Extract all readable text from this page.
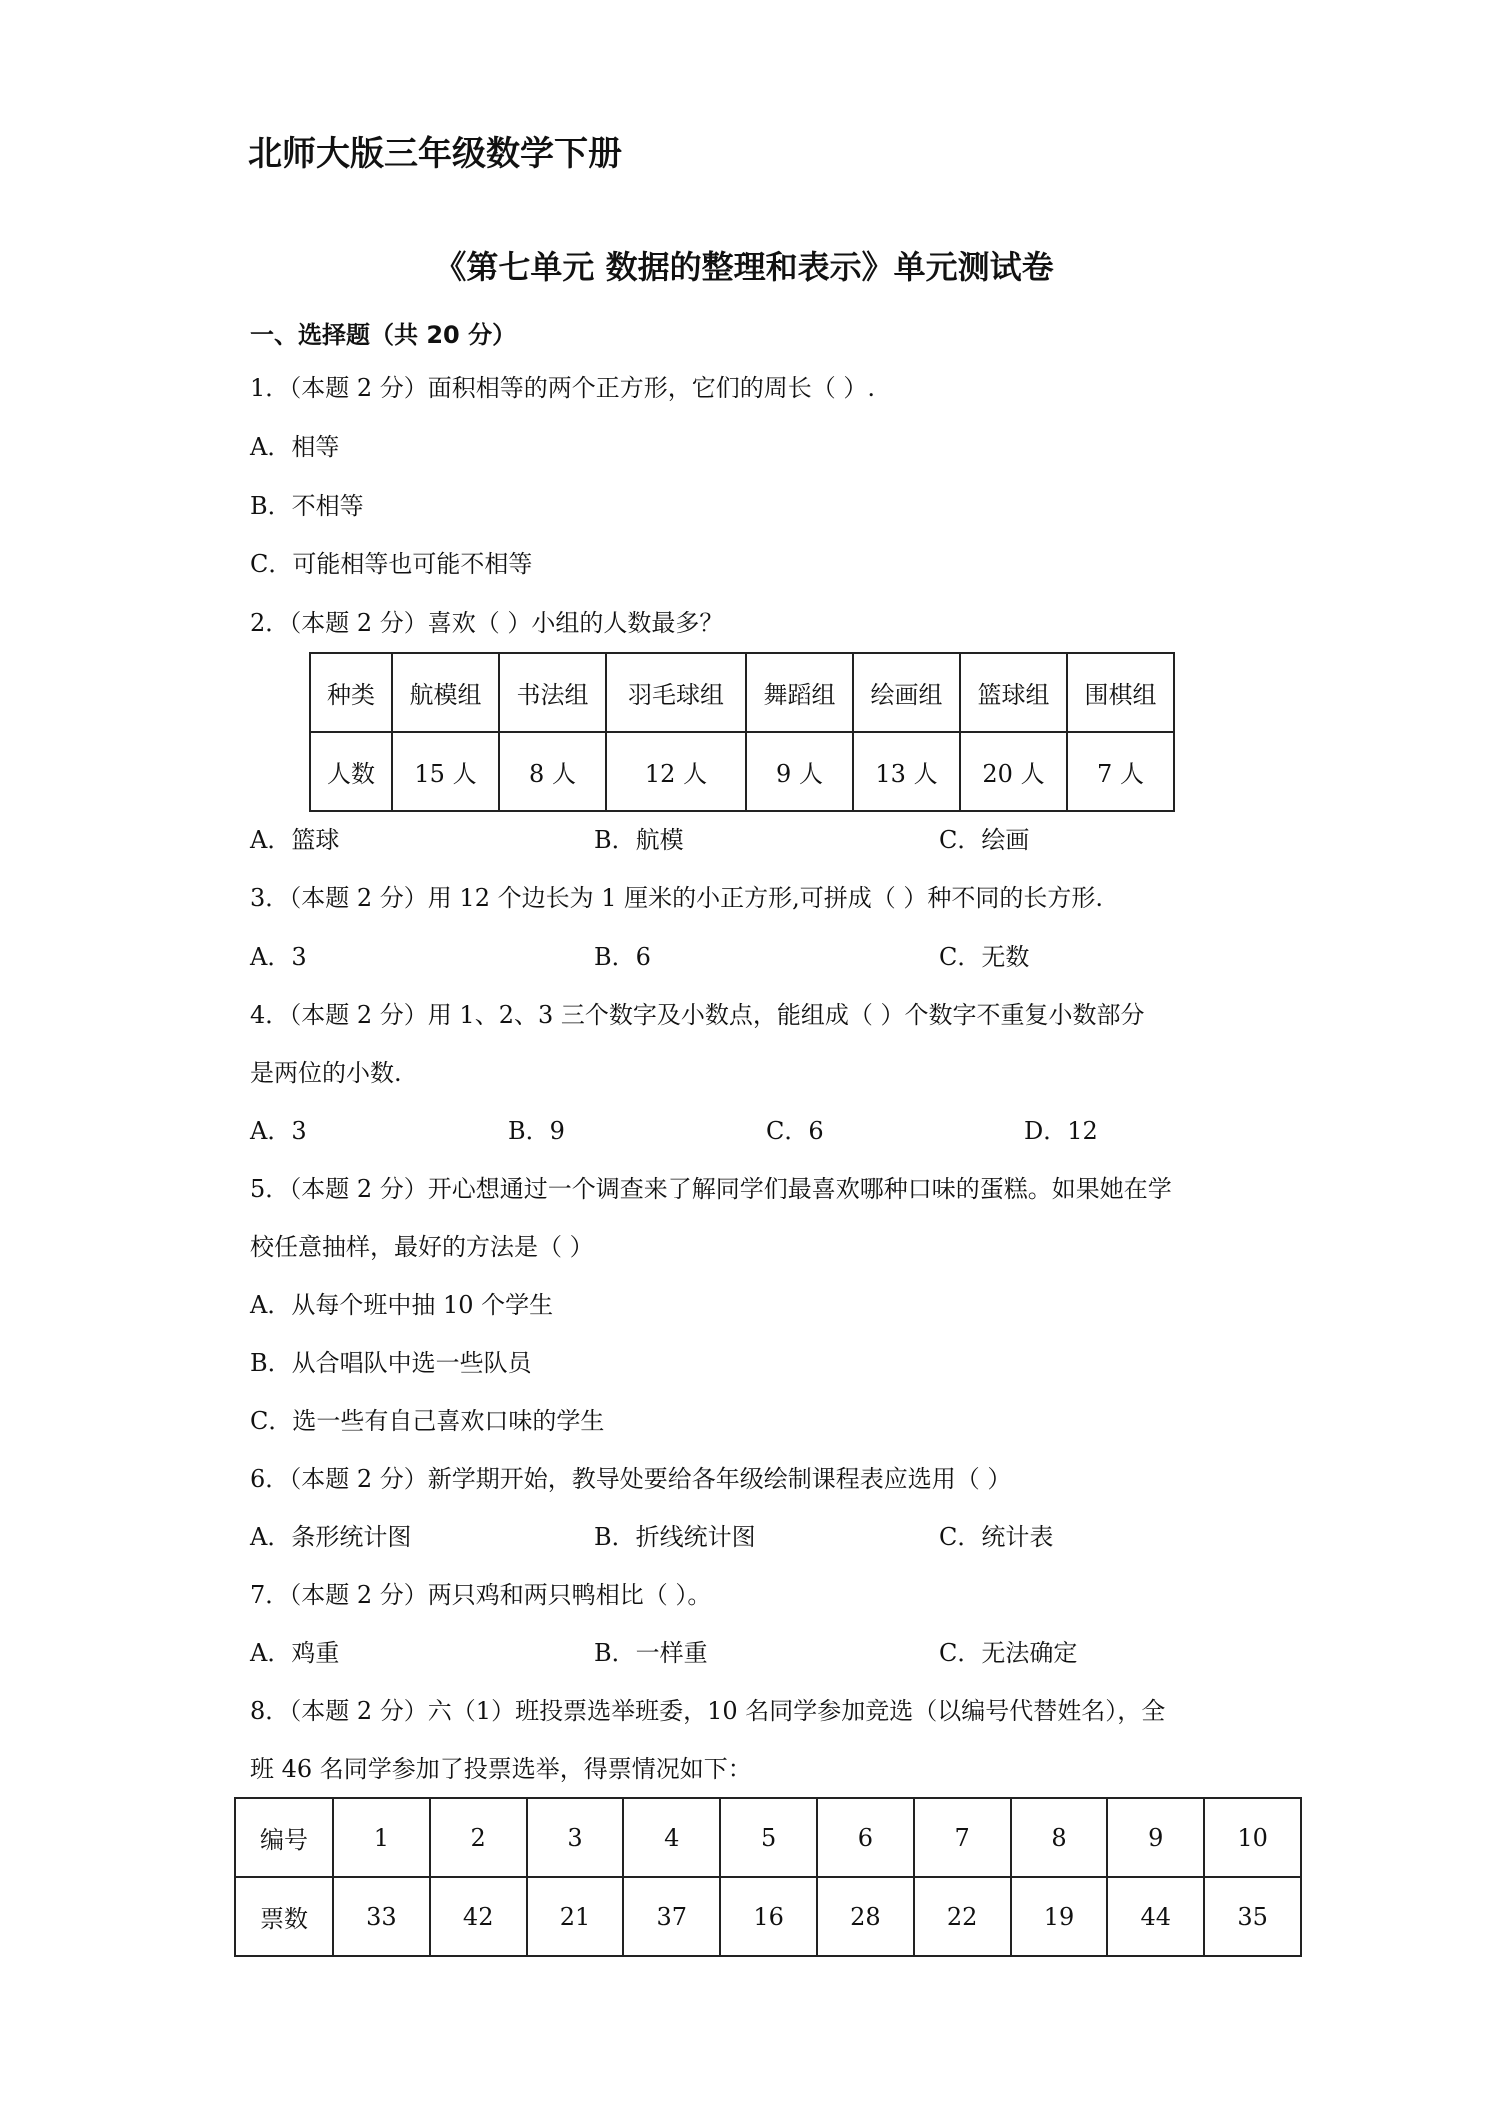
北师大版三年级数学下册
《第七单元 数据的整理和表示》单元测试卷
一、选择题（共 20 分）
1．（本题 2 分）面积相等的两个正方形，它们的周长（ ）.
A．相等
B．不相等
C．可能相等也可能不相等
2．（本题 2 分）喜欢（ ）小组的人数最多？
种类	航模组	书法组	羽毛球组	舞蹈组	绘画组	篮球组	围棋组
人数	15 人	8 人	12 人	9 人	13 人	20 人	7 人
A．篮球	B．航模	C．绘画
3．（本题 2 分）用 12 个边长为 1 厘米的小正方形,可拼成（ ）种不同的长方形.
A．3	B．6	C．无数
4．（本题 2 分）用 1、2、3 三个数字及小数点，能组成（ ）个数字不重复小数部分
是两位的小数.
A．3	B．9	C．6	D．12
5．（本题 2 分）开心想通过一个调查来了解同学们最喜欢哪种口味的蛋糕。如果她在学
校任意抽样，最好的方法是（ ）
A．从每个班中抽 10 个学生
B．从合唱队中选一些队员
C．选一些有自己喜欢口味的学生
6．（本题 2 分）新学期开始，教导处要给各年级绘制课程表应选用（ ）
A．条形统计图	B．折线统计图	C．统计表
7．（本题 2 分）两只鸡和两只鸭相比（ ）。
A．鸡重	B．一样重	C．无法确定
8．（本题 2 分）六（1）班投票选举班委，10 名同学参加竞选（以编号代替姓名），全
班 46 名同学参加了投票选举，得票情况如下：
编号	1	2	3	4	5	6	7	8	9	10
票数	33	42	21	37	16	28	22	19	44	35
